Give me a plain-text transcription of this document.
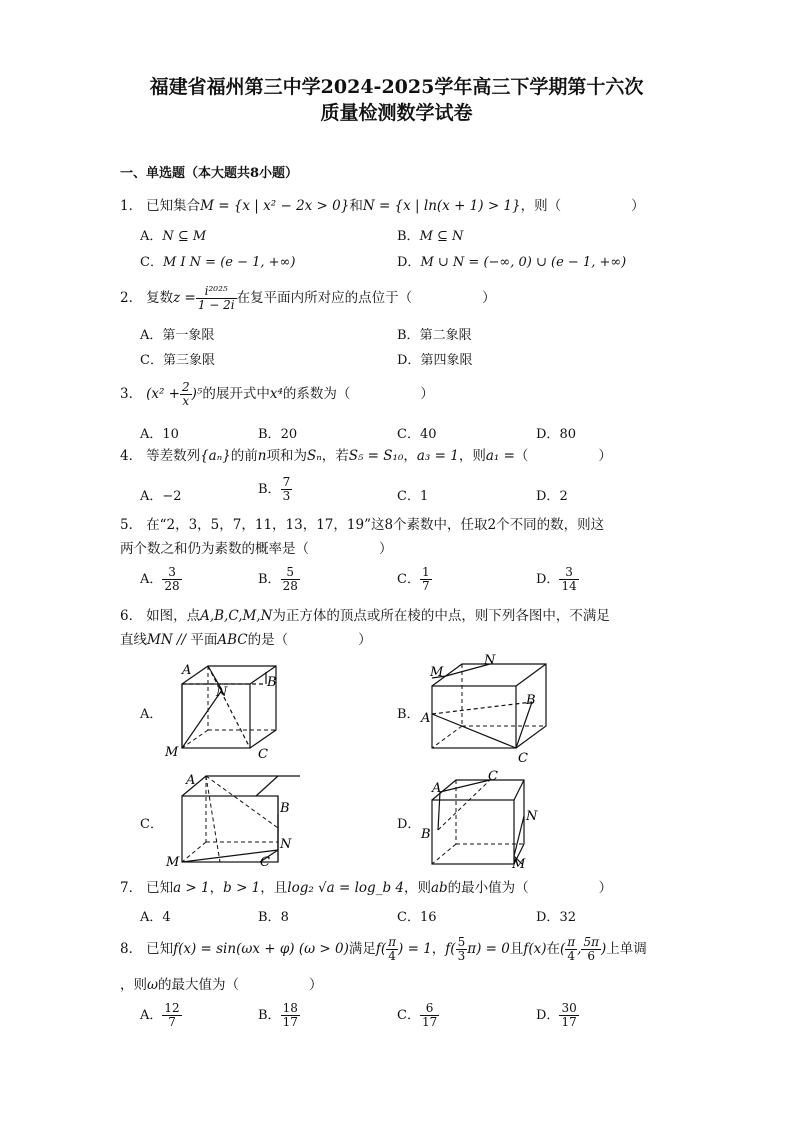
福建省福州第三中学2024-2025学年高三下学期第十六次
质量检测数学试卷
一、单选题（本大题共8小题）
1． 已知集合M = {x | x² − 2x > 0}和N = {x | ln(x + 1) > 1}，则（	）
A．N ⊆ M	B．M ⊆ N
C．M I N = (e − 1, +∞)	D．M ∪ N = (−∞, 0) ∪ (e − 1, +∞)
2． 复数$z = \frac{\text{i²⁰²⁵}}{1 - 2i}$ 在复平面内所对应的点位于（	）
A．第一象限	B．第二象限
C．第三象限	D．第四象限
3． $(x^2 + \frac{2}{x} )^5$的展开式中x⁴的系数为（	）
A．10	B．20	C．40	D．80
4． 等差数列{aₙ}的前n项和为Sₙ，若S₅ = S₁₀，a₃ = 1，则a₁ =（	）
A．−2	B． $\frac{7}{3}$	C．1	D．2
5． 在“2，3，5，7，11，13，17，19”这8个素数中，任取2个不同的数，则这
两个数之和仍为素数的概率是（	）
A． $\frac{3}{28}$	B． $\frac{5}{28}$	C． $\frac{1}{7}$	D． $\frac{3}{14}$
6． 如图，点A,B,C,M,N为正方体的顶点或所在棱的中点，则下列各图中，不满足
直线MN // 平面ABC的是（	）
A．	B．
C．	D．
A
N
B
M	C
M
N
B
A
C
A
B
N
M	C
A
C
B
N
M
7． 已知a > 1，b > 1，且log₂ √a = log_b 4，则ab的最小值为（	）
A．4	B．8	C．16	D．32
8． 已知f(x) = sin(ωx + φ) (ω > 0)满足$f( \frac{\pi}{4}$ ) = 1，$f( \frac{5}{3} \pi) = 0$且f(x)在( $\frac{\pi}{4}$ , $\frac{5\pi}{6}$ )上单调
，则ω的最大值为（	）
A． $\frac{12}{7}$	B． $\frac{18}{17}$	C． $\frac{6}{17}$	D． $\frac{30}{17}$
